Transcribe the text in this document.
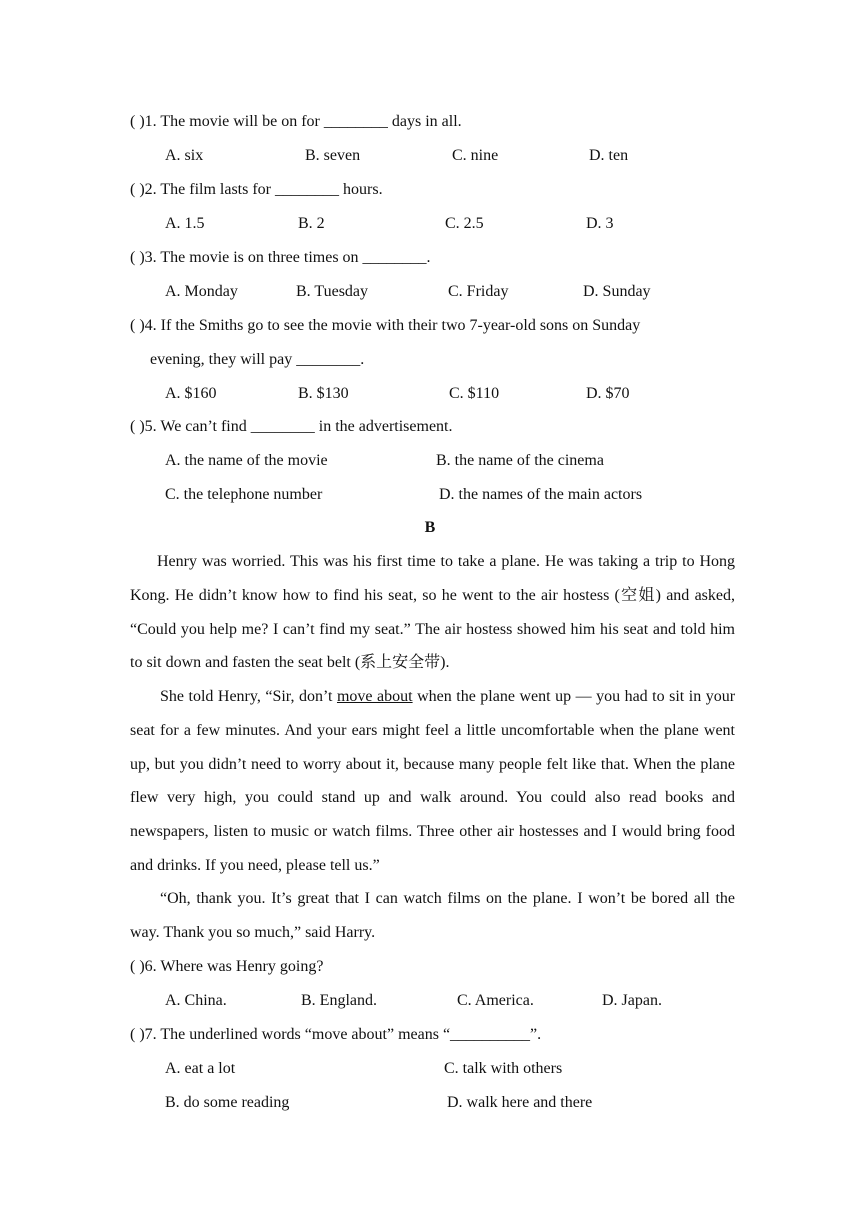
( )1. The movie will be on for ________ days in all.
A. six	B. seven	C. nine	D. ten
( )2. The film lasts for ________ hours.
A. 1.5	B. 2	C. 2.5	D. 3
( )3. The movie is on three times on ________.
A. Monday	B. Tuesday	C. Friday	D. Sunday
( )4. If the Smiths go to see the movie with their two 7-year-old sons on Sunday
evening, they will pay ________.
A. $160	B. $130	C. $110	D. $70
( )5. We can’t find ________ in the advertisement.
A. the name of the movie	B. the name of the cinema
C. the telephone number	D. the names of the main actors
B
Henry was worried. This was his first time to take a plane. He was taking a trip to Hong Kong. He didn’t know how to find his seat, so he went to the air hostess (空姐) and asked, “Could you help me? I can’t find my seat.” The air hostess showed him his seat and told him to sit down and fasten the seat belt (系上安全带).
She told Henry, “Sir, don’t move about when the plane went up — you had to sit in your seat for a few minutes. And your ears might feel a little uncomfortable when the plane went up, but you didn’t need to worry about it, because many people felt like that. When the plane flew very high, you could stand up and walk around. You could also read books and newspapers, listen to music or watch films. Three other air hostesses and I would bring food and drinks. If you need, please tell us.”
“Oh, thank you. It’s great that I can watch films on the plane. I won’t be bored all the way. Thank you so much,” said Harry.
( )6. Where was Henry going?
A. China.	B. England.	C. America.	D. Japan.
( )7. The underlined words “move about” means “__________”.
A. eat a lot	C. talk with others
B. do some reading	D. walk here and there
